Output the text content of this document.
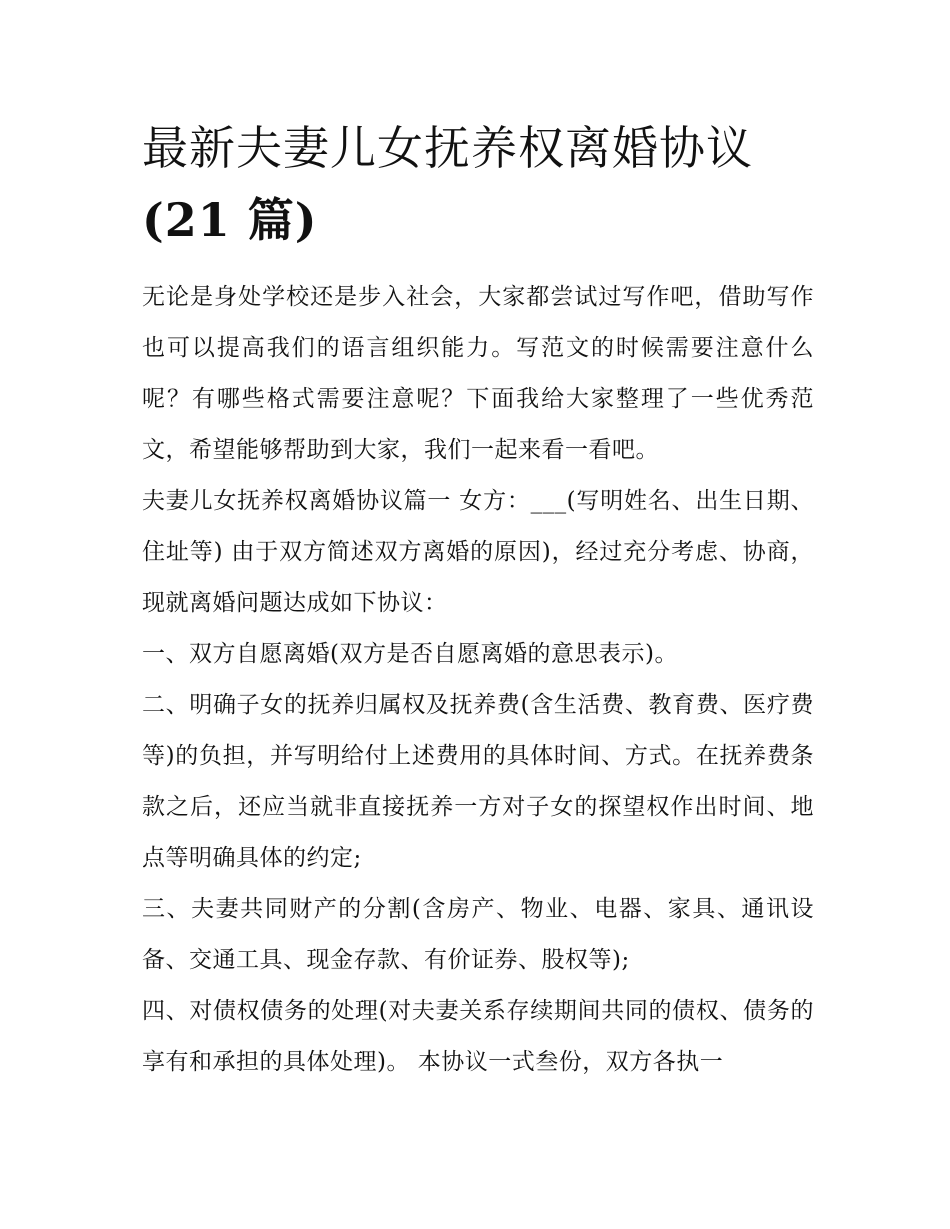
最新夫妻儿女抚养权离婚协议
(21 篇)

无论是身处学校还是步入社会，大家都尝试过写作吧，借助写作也可以提高我们的语言组织能力。写范文的时候需要注意什么呢？有哪些格式需要注意呢？下面我给大家整理了一些优秀范文，希望能够帮助到大家，我们一起来看一看吧。

夫妻儿女抚养权离婚协议篇一 女方：___(写明姓名、出生日期、住址等) 由于双方简述双方离婚的原因)，经过充分考虑、协商，现就离婚问题达成如下协议：

一、双方自愿离婚(双方是否自愿离婚的意思表示)。

二、明确子女的抚养归属权及抚养费(含生活费、教育费、医疗费等)的负担，并写明给付上述费用的具体时间、方式。在抚养费条款之后，还应当就非直接抚养一方对子女的探望权作出时间、地点等明确具体的约定;

三、夫妻共同财产的分割(含房产、物业、电器、家具、通讯设备、交通工具、现金存款、有价证券、股权等);

四、对债权债务的处理(对夫妻关系存续期间共同的债权、债务的享有和承担的具体处理)。 本协议一式叁份，双方各执一
